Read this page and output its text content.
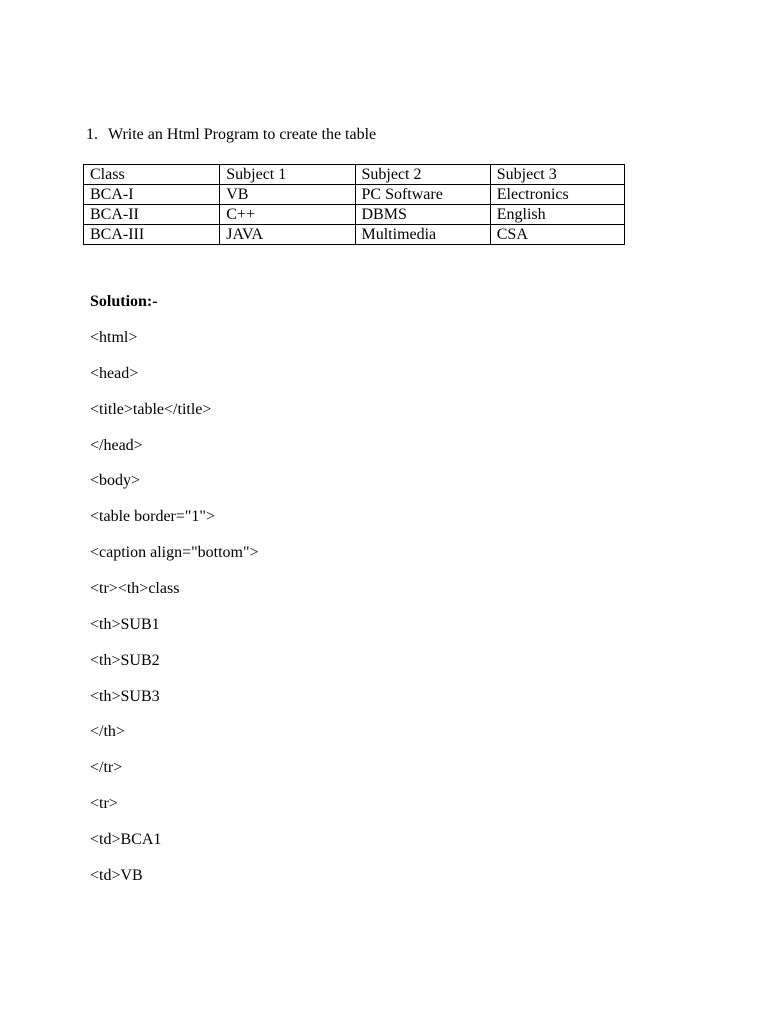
1. Write an Html Program to create the table
Class	Subject 1	Subject 2	Subject 3
BCA-I	VB	PC Software	Electronics
BCA-II	C++	DBMS	English
BCA-III	JAVA	Multimedia	CSA
Solution:-
<html>
<head>
<title>table</title>
</head>
<body>
<table border="1">
<caption align="bottom">
<tr><th>class
<th>SUB1
<th>SUB2
<th>SUB3
</th>
</tr>
<tr>
<td>BCA1
<td>VB
